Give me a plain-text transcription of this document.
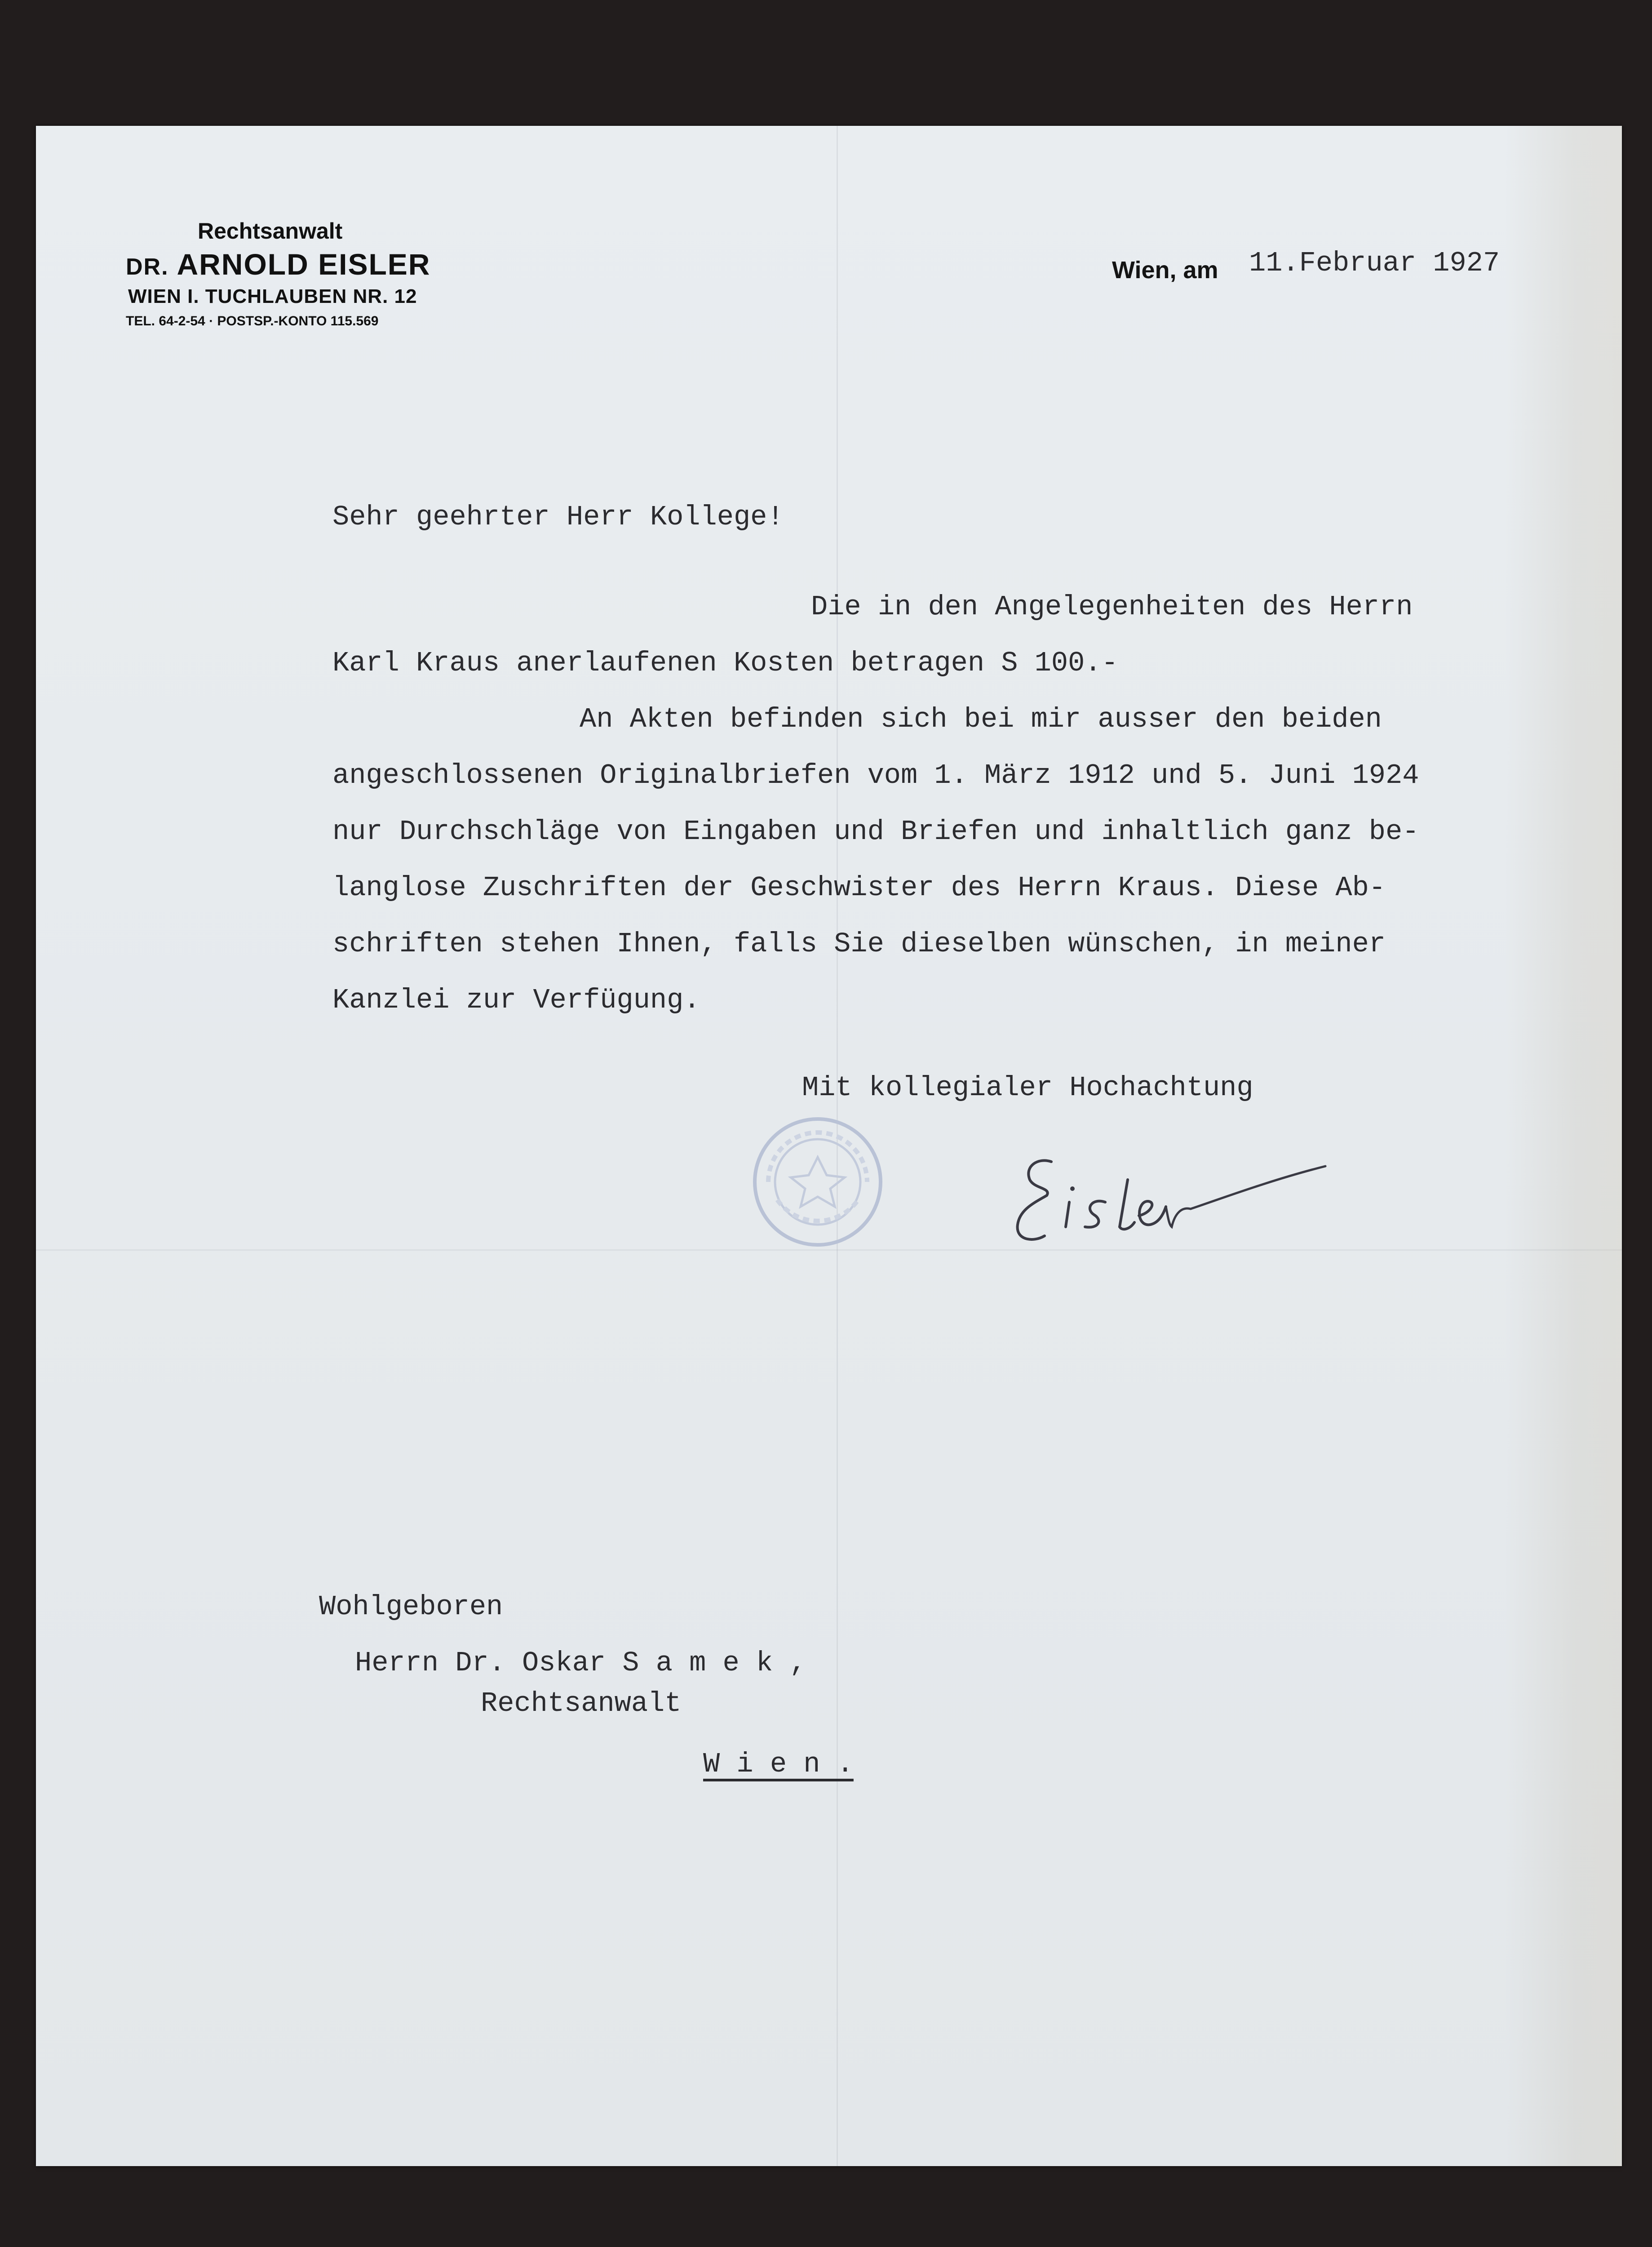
Rechtsanwalt
DR. ARNOLD EISLER
WIEN I. TUCHLAUBEN NR. 12
TEL. 64-2-54 · POSTSP.-KONTO 115.569
Wien, am 11.Februar 1927
Sehr geehrter Herr Kollege!
Die in den Angelegenheiten des Herrn
Karl Kraus anerlaufenen Kosten betragen S 100.-
An Akten befinden sich bei mir ausser den beiden
angeschlossenen Originalbriefen vom 1. März 1912 und 5. Juni 1924
nur Durchschläge von Eingaben und Briefen und inhaltlich ganz be-
langlose Zuschriften der Geschwister des Herrn Kraus. Diese Ab-
schriften stehen Ihnen, falls Sie dieselben wünschen, in meiner
Kanzlei zur Verfügung.
Mit kollegialer Hochachtung
Wohlgeboren
Herrn Dr. Oskar S a m e k ,
Rechtsanwalt
W i e n .
